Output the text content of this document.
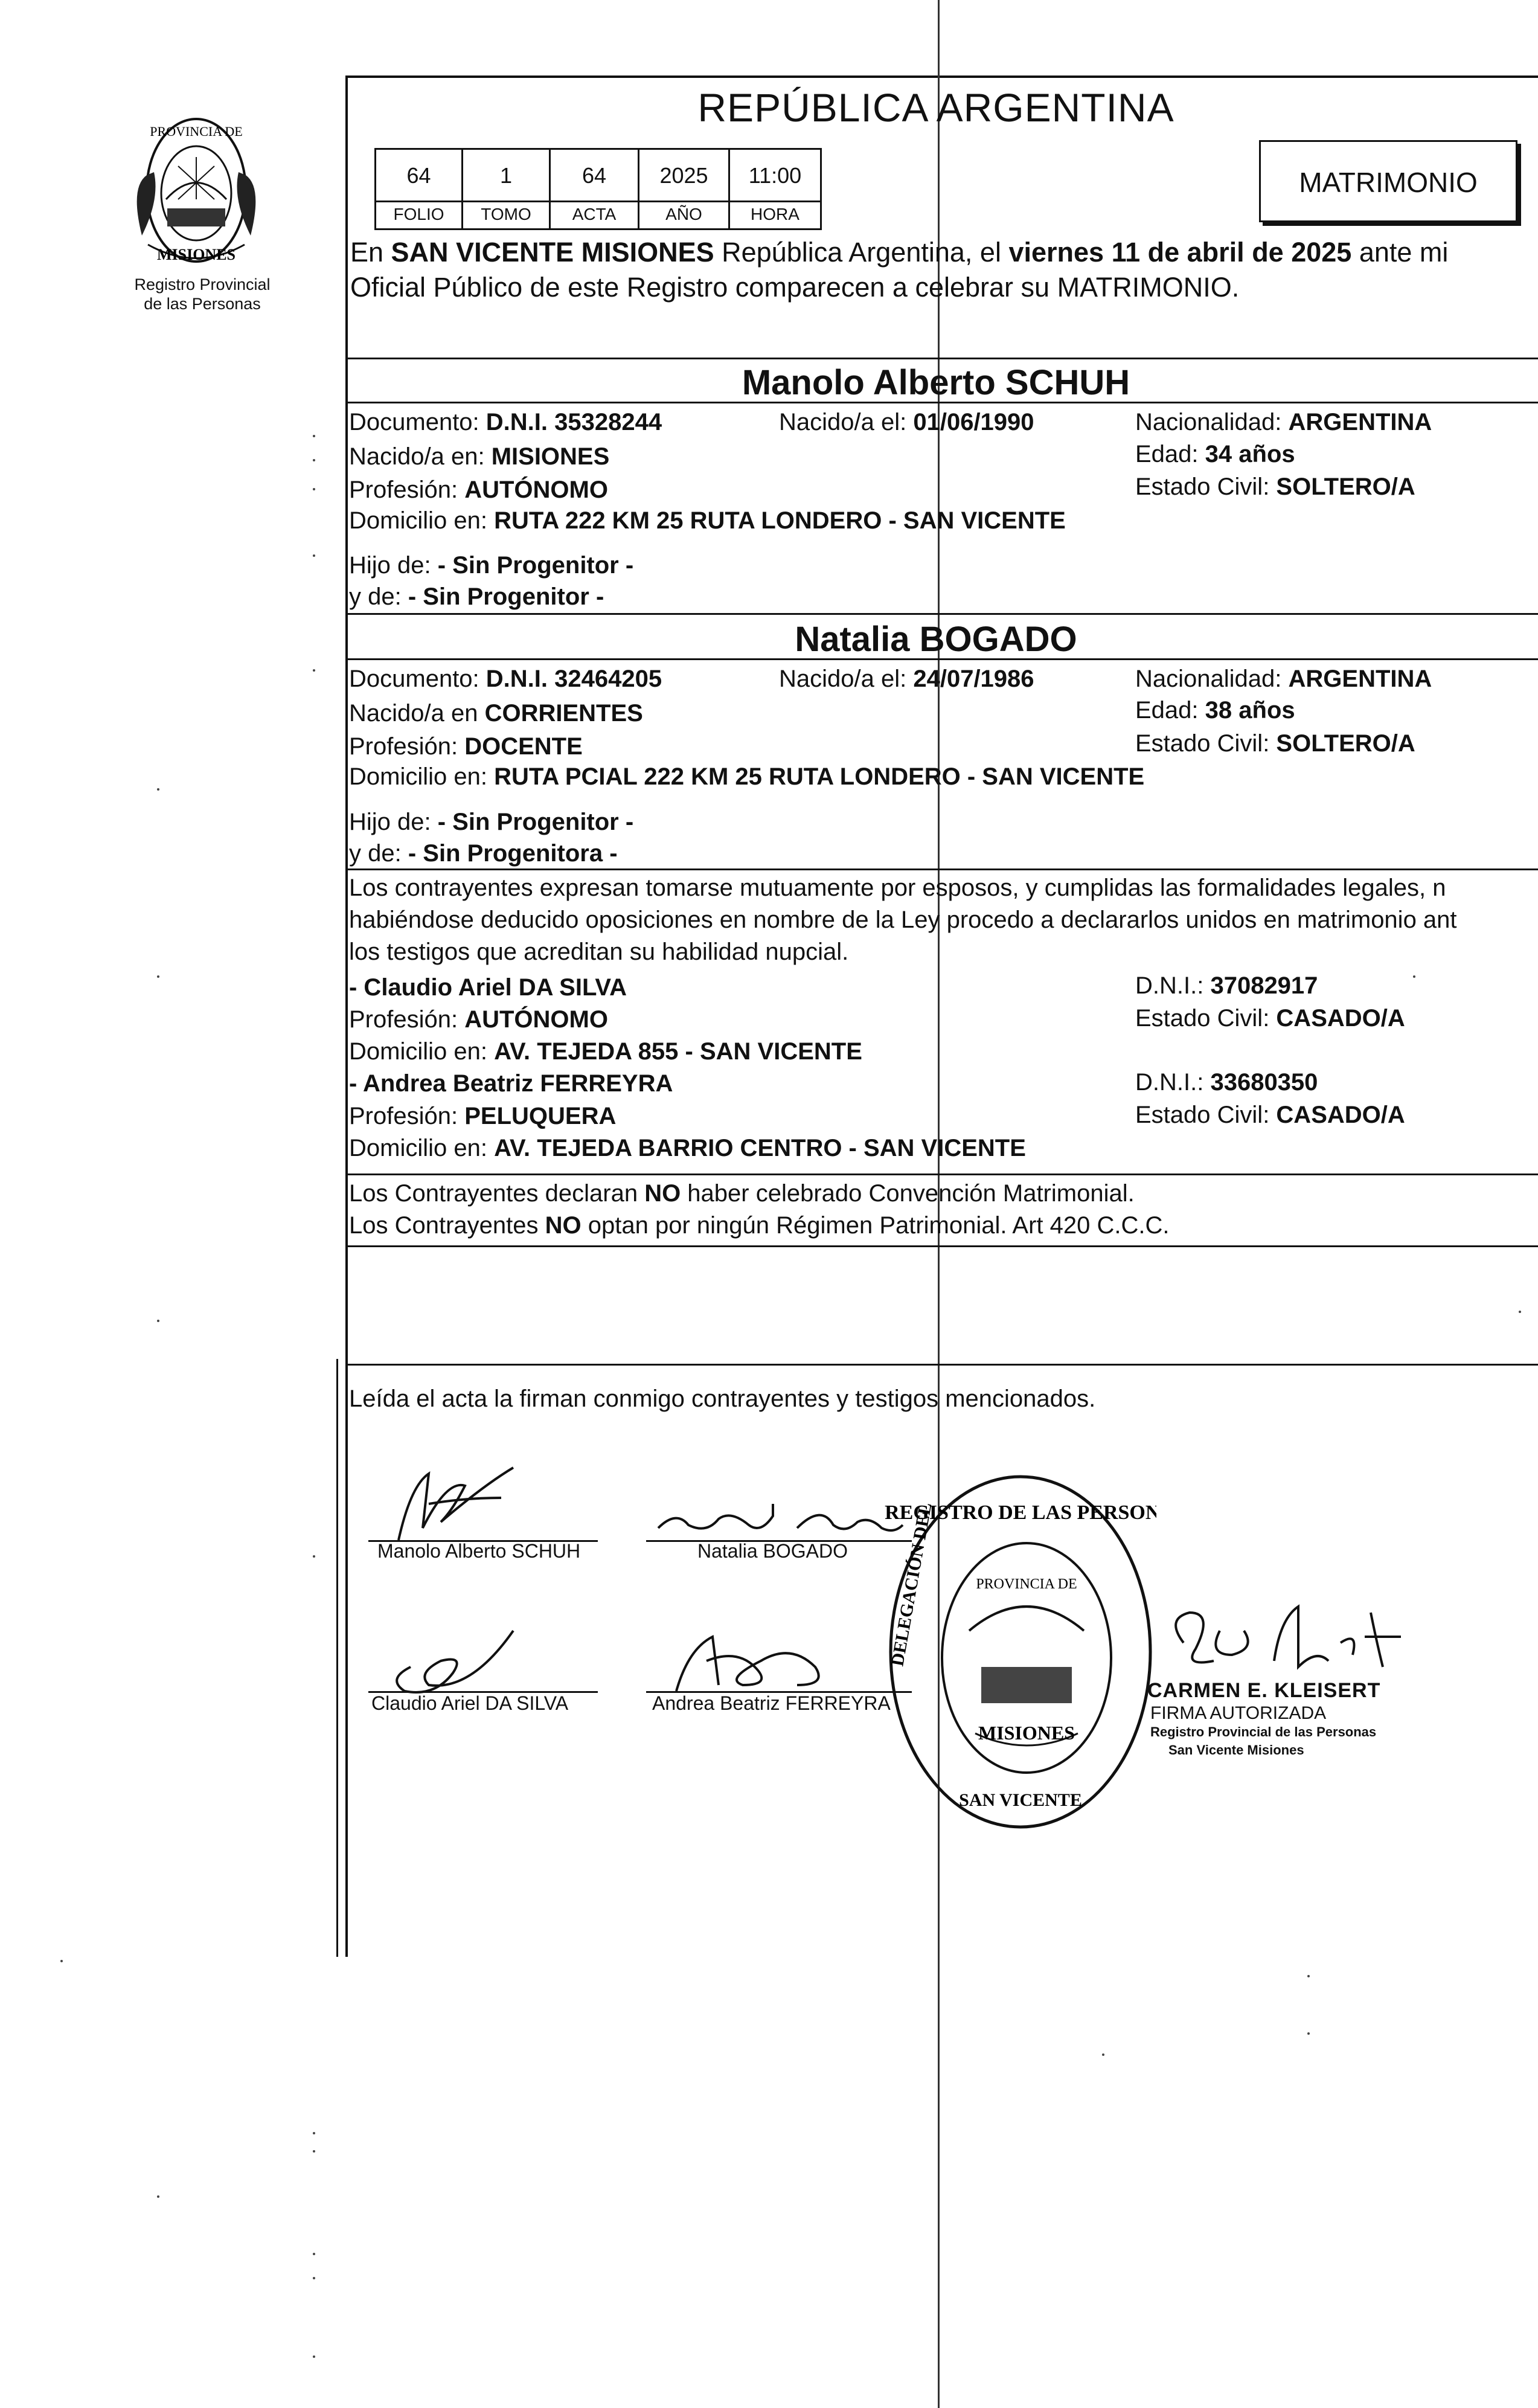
PROVINCIA DE
MISIONES
Registro Provincial
de las Personas
REPÚBLICA ARGENTINA
64	1	64	2025	11:00
FOLIO	TOMO	ACTA	AÑO	HORA
MATRIMONIO
En SAN VICENTE MISIONES República Argentina, el viernes 11 de abril de 2025 ante mi
Oficial Público de este Registro comparecen a celebrar su MATRIMONIO.
Manolo Alberto SCHUH
Documento: D.N.I. 35328244	Nacido/a el: 01/06/1990	Nacionalidad: ARGENTINA
Nacido/a en: MISIONES	Edad: 34 años
Profesión: AUTÓNOMO	Estado Civil: SOLTERO/A
Domicilio en: RUTA 222 KM 25 RUTA LONDERO - SAN VICENTE
Hijo de: - Sin Progenitor -
y de: - Sin Progenitor -
Natalia BOGADO
Documento: D.N.I. 32464205	Nacido/a el: 24/07/1986	Nacionalidad: ARGENTINA
Nacido/a en CORRIENTES	Edad: 38 años
Profesión: DOCENTE	Estado Civil: SOLTERO/A
Domicilio en: RUTA PCIAL 222 KM 25 RUTA LONDERO - SAN VICENTE
Hijo de: - Sin Progenitor -
y de: - Sin Progenitora -
Los contrayentes expresan tomarse mutuamente por esposos, y cumplidas las formalidades legales, n
habiéndose deducido oposiciones en nombre de la Ley procedo a declararlos unidos en matrimonio ant
los testigos que acreditan su habilidad nupcial.
- Claudio Ariel DA SILVA	D.N.I.: 37082917
Profesión: AUTÓNOMO	Estado Civil: CASADO/A
Domicilio en: AV. TEJEDA 855 - SAN VICENTE
- Andrea Beatriz FERREYRA	D.N.I.: 33680350
Profesión: PELUQUERA	Estado Civil: CASADO/A
Domicilio en: AV. TEJEDA BARRIO CENTRO - SAN VICENTE
Los Contrayentes declaran NO haber celebrado Convención Matrimonial.
Los Contrayentes NO optan por ningún Régimen Patrimonial. Art 420 C.C.C.
Leída el acta la firman conmigo contrayentes y testigos mencionados.
Manolo Alberto SCHUH	Natalia BOGADO
Claudio Ariel DA SILVA	Andrea Beatriz FERREYRA
REGISTRO DE LAS PERSONAS
DELEGACIÓN DEL
SAN VICENTE
PROVINCIA DE
MISIONES
CARMEN E. KLEISERT
FIRMA AUTORIZADA
Registro Provincial de las Personas
San Vicente Misiones
